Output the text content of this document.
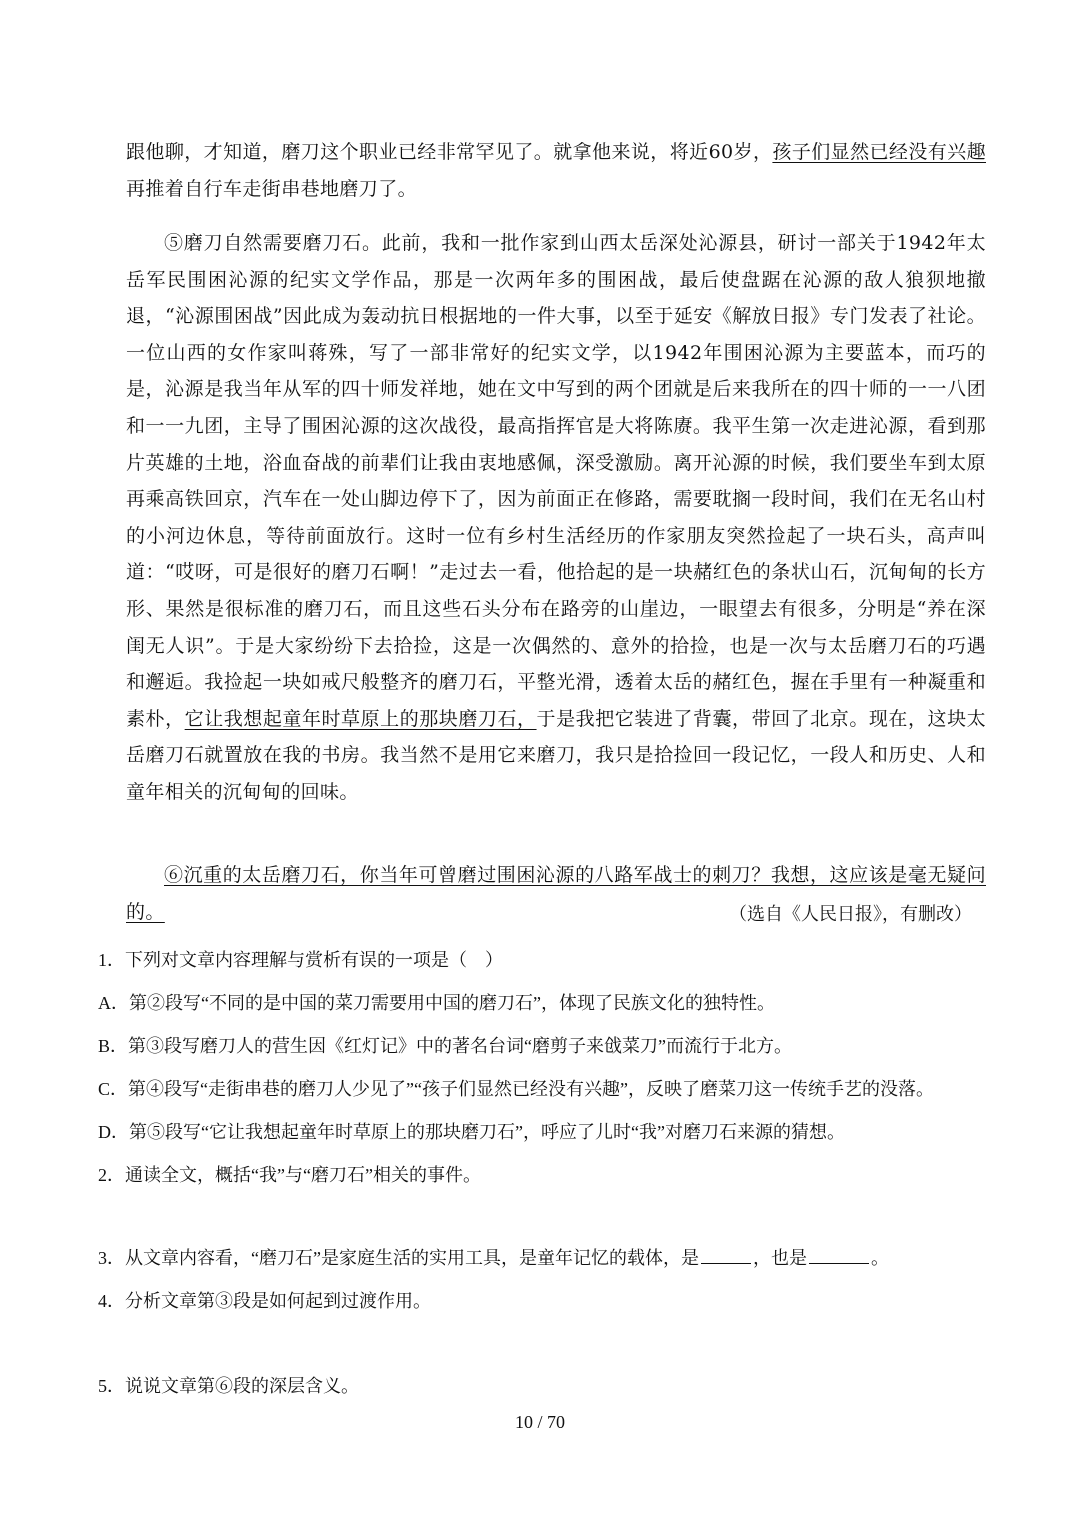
跟他聊，才知道，磨刀这个职业已经非常罕见了。就拿他来说，将近60岁，孩子们显然已经没有兴趣再推着自行车走街串巷地磨刀了。
⑤磨刀自然需要磨刀石。此前，我和一批作家到山西太岳深处沁源县，研讨一部关于1942年太岳军民围困沁源的纪实文学作品，那是一次两年多的围困战，最后使盘踞在沁源的敌人狼狈地撤退，“沁源围困战”因此成为轰动抗日根据地的一件大事，以至于延安《解放日报》专门发表了社论。一位山西的女作家叫蒋殊，写了一部非常好的纪实文学，以1942年围困沁源为主要蓝本，而巧的是，沁源是我当年从军的四十师发祥地，她在文中写到的两个团就是后来我所在的四十师的一一八团和一一九团，主导了围困沁源的这次战役，最高指挥官是大将陈赓。我平生第一次走进沁源，看到那片英雄的土地，浴血奋战的前辈们让我由衷地感佩，深受激励。离开沁源的时候，我们要坐车到太原再乘高铁回京，汽车在一处山脚边停下了，因为前面正在修路，需要耽搁一段时间，我们在无名山村的小河边休息，等待前面放行。这时一位有乡村生活经历的作家朋友突然捡起了一块石头，高声叫道：“哎呀，可是很好的磨刀石啊！”走过去一看，他拾起的是一块赭红色的条状山石，沉甸甸的长方形、果然是很标准的磨刀石，而且这些石头分布在路旁的山崖边，一眼望去有很多，分明是“养在深闺无人识”。于是大家纷纷下去拾捡，这是一次偶然的、意外的拾捡，也是一次与太岳磨刀石的巧遇和邂逅。我捡起一块如戒尺般整齐的磨刀石，平整光滑，透着太岳的赭红色，握在手里有一种凝重和素朴，它让我想起童年时草原上的那块磨刀石，于是我把它装进了背囊，带回了北京。现在，这块太岳磨刀石就置放在我的书房。我当然不是用它来磨刀，我只是拾捡回一段记忆，一段人和历史、人和童年相关的沉甸甸的回味。
⑥沉重的太岳磨刀石，你当年可曾磨过围困沁源的八路军战士的刺刀？我想，这应该是毫无疑问的。	（选自《人民日报》，有删改）
1．下列对文章内容理解与赏析有误的一项是（　）
A．第②段写“不同的是中国的菜刀需要用中国的磨刀石”，体现了民族文化的独特性。
B．第③段写磨刀人的营生因《红灯记》中的著名台词“磨剪子来戗菜刀”而流行于北方。
C．第④段写“走街串巷的磨刀人少见了”“孩子们显然已经没有兴趣”，反映了磨菜刀这一传统手艺的没落。
D．第⑤段写“它让我想起童年时草原上的那块磨刀石”，呼应了儿时“我”对磨刀石来源的猜想。
2．通读全文，概括“我”与“磨刀石”相关的事件。
3．从文章内容看，“磨刀石”是家庭生活的实用工具，是童年记忆的载体，是	，也是	。
4．分析文章第③段是如何起到过渡作用。
5．说说文章第⑥段的深层含义。
10 / 70
